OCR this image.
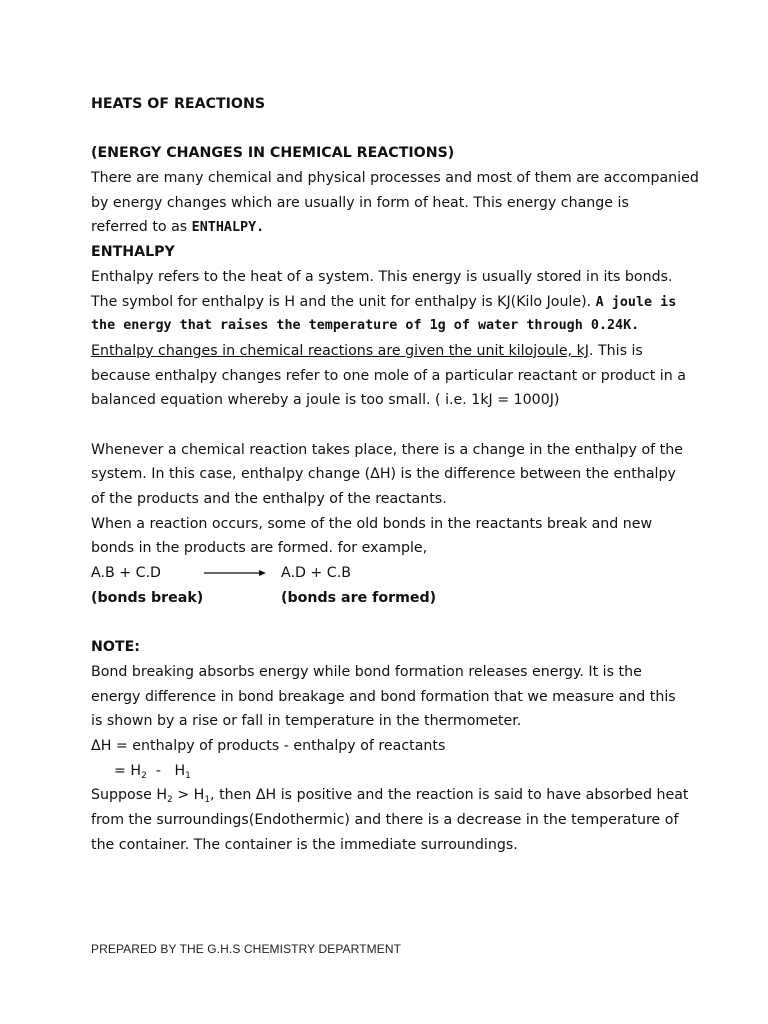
HEATS OF REACTIONS
(ENERGY CHANGES IN CHEMICAL REACTIONS)
There are many chemical and physical processes and most of them are accompanied
by energy changes which are usually in form of heat. This energy change is
referred to as ENTHALPY.
ENTHALPY
Enthalpy refers to the heat of a system. This energy is usually stored in its bonds.
The symbol for enthalpy is H and the unit for enthalpy is KJ(Kilo Joule). A joule is
the energy that raises the temperature of 1g of water through 0.24K.
Enthalpy changes in chemical reactions are given the unit kilojoule, kJ. This is
because enthalpy changes refer to one mole of a particular reactant or product in a
balanced equation whereby a joule is too small. ( i.e. 1kJ = 1000J)
Whenever a chemical reaction takes place, there is a change in the enthalpy of the
system. In this case, enthalpy change (ΔH) is the difference between the enthalpy
of the products and the enthalpy of the reactants.
When a reaction occurs, some of the old bonds in the reactants break and new
bonds in the products are formed. for example,
A.B + C.D	A.D + C.B
(bonds break)	(bonds are formed)
NOTE:
Bond breaking absorbs energy while bond formation releases energy. It is the
energy difference in bond breakage and bond formation that we measure and this
is shown by a rise or fall in temperature in the thermometer.
ΔH = enthalpy of products - enthalpy of reactants
= $H_2 - H_1$
Suppose $H_2 > H_1$, then ΔH is positive and the reaction is said to have absorbed heat
from the surroundings(Endothermic) and there is a decrease in the temperature of
the container. The container is the immediate surroundings.
PREPARED BY THE G.H.S CHEMISTRY DEPARTMENT
